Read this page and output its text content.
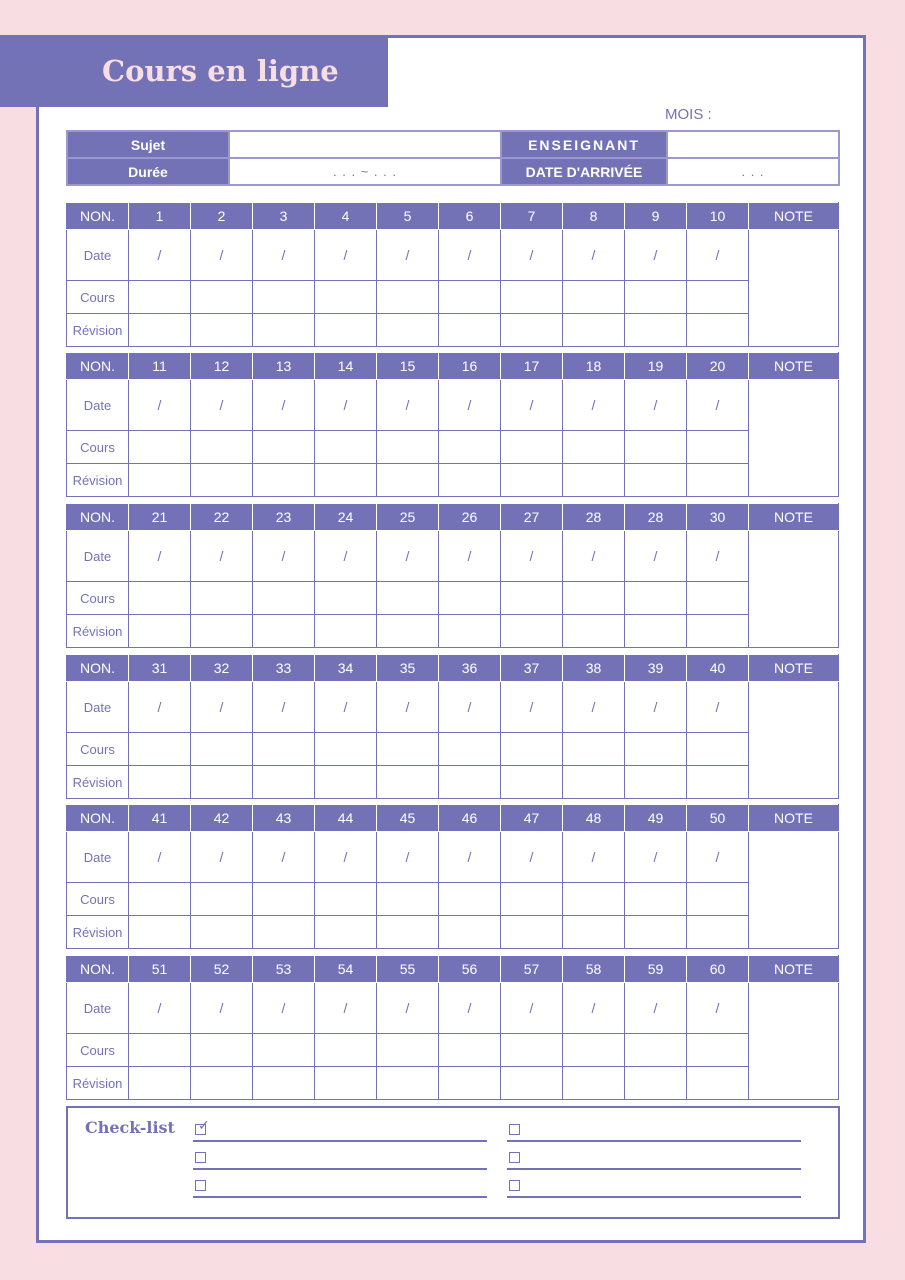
Cours en ligne
MOIS :
Sujet		ENSEIGNANT	
Durée	. . . ~ . . .	DATE D'ARRIVÉE	. . .
NON.	1	2	3	4	5	6	7	8	9	10	NOTE
Date	/	/	/	/	/	/	/	/	/	/	
Cours											
Révision											
NON.	11	12	13	14	15	16	17	18	19	20	NOTE
Date	/	/	/	/	/	/	/	/	/	/	
Cours											
Révision											
NON.	21	22	23	24	25	26	27	28	28	30	NOTE
Date	/	/	/	/	/	/	/	/	/	/	
Cours											
Révision											
NON.	31	32	33	34	35	36	37	38	39	40	NOTE
Date	/	/	/	/	/	/	/	/	/	/	
Cours											
Révision											
NON.	41	42	43	44	45	46	47	48	49	50	NOTE
Date	/	/	/	/	/	/	/	/	/	/	
Cours											
Révision											
NON.	51	52	53	54	55	56	57	58	59	60	NOTE
Date	/	/	/	/	/	/	/	/	/	/	
Cours											
Révision											
Check-list ✓
